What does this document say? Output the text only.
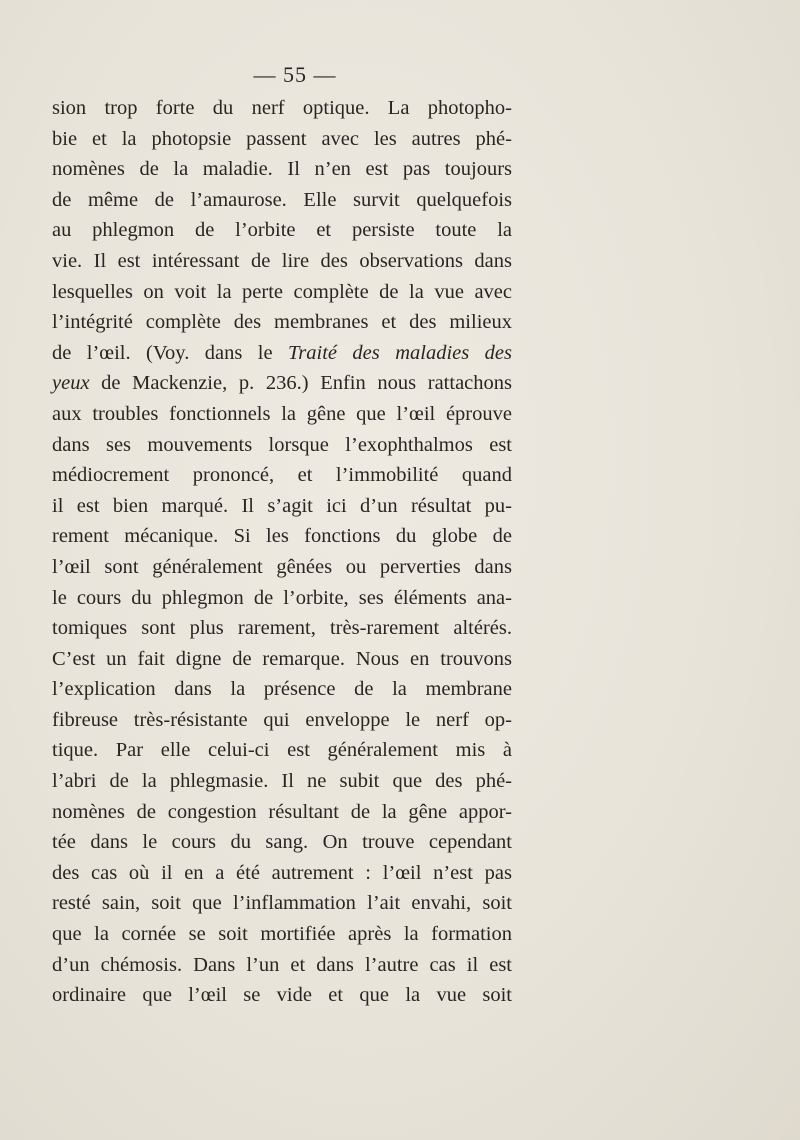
— 55 —
sion trop forte du nerf optique. La photopho-
bie et la photopsie passent avec les autres phé-
nomènes de la maladie. Il n’en est pas toujours
de même de l’amaurose. Elle survit quelquefois
au phlegmon de l’orbite et persiste toute la
vie. Il est intéressant de lire des observations dans
lesquelles on voit la perte complète de la vue avec
l’intégrité complète des membranes et des milieux
de l’œil. (Voy. dans le Traité des maladies des
yeux de Mackenzie, p. 236.) Enfin nous rattachons
aux troubles fonctionnels la gêne que l’œil éprouve
dans ses mouvements lorsque l’exophthalmos est
médiocrement prononcé, et l’immobilité quand
il est bien marqué. Il s’agit ici d’un résultat pu-
rement mécanique. Si les fonctions du globe de
l’œil sont généralement gênées ou perverties dans
le cours du phlegmon de l’orbite, ses éléments ana-
tomiques sont plus rarement, très-rarement altérés.
C’est un fait digne de remarque. Nous en trouvons
l’explication dans la présence de la membrane
fibreuse très-résistante qui enveloppe le nerf op-
tique. Par elle celui-ci est généralement mis à
l’abri de la phlegmasie. Il ne subit que des phé-
nomènes de congestion résultant de la gêne appor-
tée dans le cours du sang. On trouve cependant
des cas où il en a été autrement : l’œil n’est pas
resté sain, soit que l’inflammation l’ait envahi, soit
que la cornée se soit mortifiée après la formation
d’un chémosis. Dans l’un et dans l’autre cas il est
ordinaire que l’œil se vide et que la vue soit
